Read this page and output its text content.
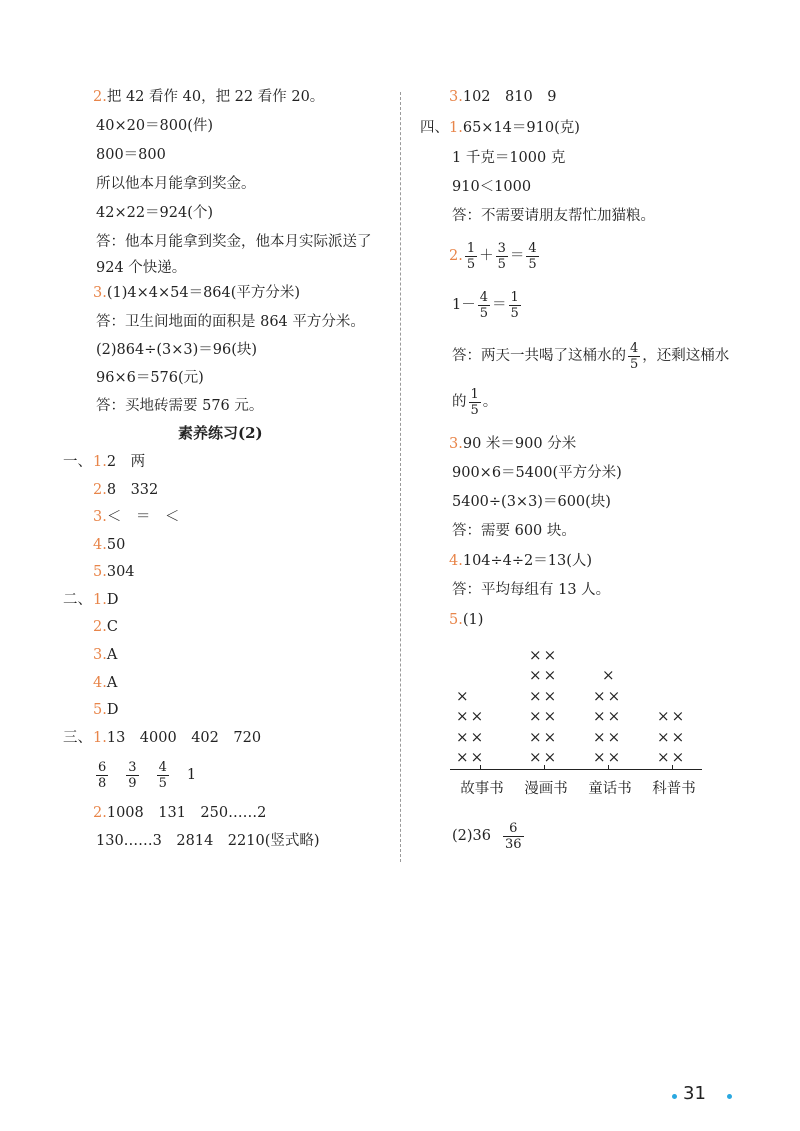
2.把 42 看作 40，把 22 看作 20。
40×20＝800(件)
800＝800
所以他本月能拿到奖金。
42×22＝924(个)
答：他本月能拿到奖金，他本月实际派送了
924 个快递。
3.(1)4×4×54＝864(平方分米)
答：卫生间地面的面积是 864 平方分米。
(2)864÷(3×3)＝96(块)
96×6＝576(元)
答：买地砖需要 576 元。
素养练习(2)
一、 1.2　两
2.8　332
3.＜　＝　＜
4.50
5.304
二、 1.D
2.C
3.A
4.A
5.D
三、 1.13　4000　402　720
$\frac{6}{8} \frac{3}{9} \frac{4}{5} 1$
2.1008　131　250……2
130……3　2814　2210(竖式略)
3.102　810　9
四、 1.65×14＝910(克)
1 千克＝1000 克
910＜1000
答：不需要请朋友帮忙加猫粮。
2. $\frac{1}{5} + \frac{3}{5} = \frac{4}{5}$
$1- \frac{4}{5} = \frac{1}{5}$
答：两天一共喝了这桶水的 $\frac{4}{5}$ ，还剩这桶水
的 $\frac{1}{5}$ 。
3.90 米＝900 分米
900×6＝5400(平方分米)
5400÷(3×3)＝600(块)
答：需要 600 块。
4.104÷4÷2＝13(人)
答：平均每组有 13 人。
5.(1)
××
××
××
×
故事书
××
××
××
××
××
××
漫画书
××
××
××
××
×
童话书
××
××
××
科普书
$(2)36 \frac{6}{36}$
31
